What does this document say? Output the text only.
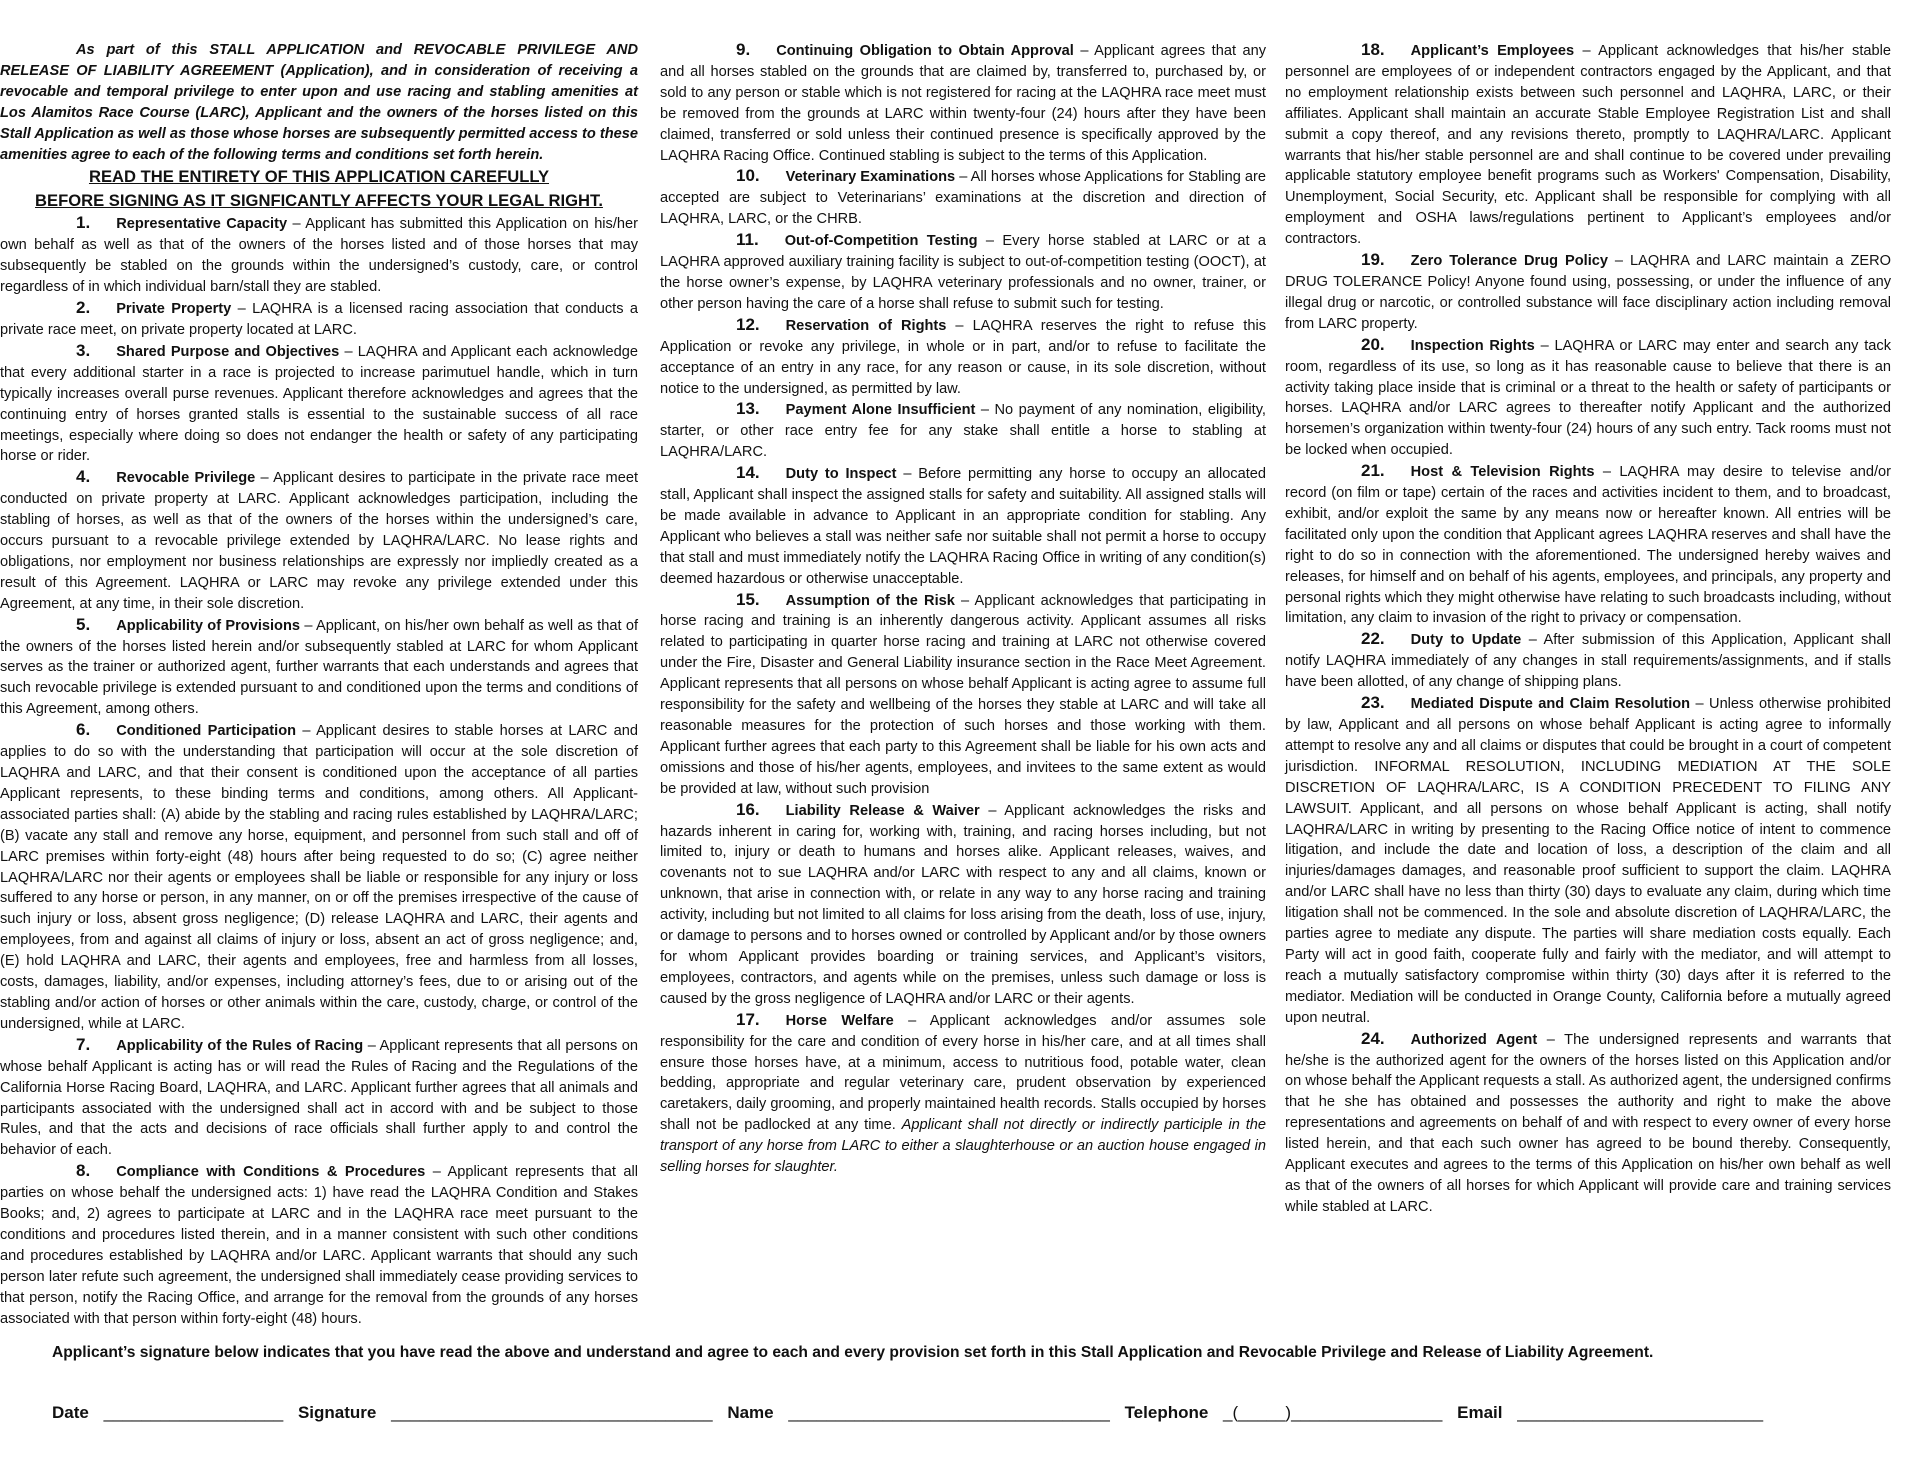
As part of this STALL APPLICATION and REVOCABLE PRIVILEGE AND RELEASE OF LIABILITY AGREEMENT (Application), and in consideration of receiving a revocable and temporal privilege to enter upon and use racing and stabling amenities at Los Alamitos Race Course (LARC), Applicant and the owners of the horses listed on this Stall Application as well as those whose horses are subsequently permitted access to these amenities agree to each of the following terms and conditions set forth herein.

READ THE ENTIRETY OF THIS APPLICATION CAREFULLY

BEFORE SIGNING AS IT SIGNFICANTLY AFFECTS YOUR LEGAL RIGHT.

1. Representative Capacity – Applicant has submitted this Application on his/her own behalf as well as that of the owners of the horses listed and of those horses that may subsequently be stabled on the grounds within the undersigned’s custody, care, or control regardless of in which individual barn/stall they are stabled.

2. Private Property – LAQHRA is a licensed racing association that conducts a private race meet, on private property located at LARC.

3. Shared Purpose and Objectives – LAQHRA and Applicant each acknowledge that every additional starter in a race is projected to increase parimutuel handle, which in turn typically increases overall purse revenues. Applicant therefore acknowledges and agrees that the continuing entry of horses granted stalls is essential to the sustainable success of all race meetings, especially where doing so does not endanger the health or safety of any participating horse or rider.

4. Revocable Privilege – Applicant desires to participate in the private race meet conducted on private property at LARC. Applicant acknowledges participation, including the stabling of horses, as well as that of the owners of the horses within the undersigned’s care, occurs pursuant to a revocable privilege extended by LAQHRA/LARC. No lease rights and obligations, nor employment nor business relationships are expressly nor impliedly created as a result of this Agreement. LAQHRA or LARC may revoke any privilege extended under this Agreement, at any time, in their sole discretion.

5. Applicability of Provisions – Applicant, on his/her own behalf as well as that of the owners of the horses listed herein and/or subsequently stabled at LARC for whom Applicant serves as the trainer or authorized agent, further warrants that each understands and agrees that such revocable privilege is extended pursuant to and conditioned upon the terms and conditions of this Agreement, among others.

6. Conditioned Participation – Applicant desires to stable horses at LARC and applies to do so with the understanding that participation will occur at the sole discretion of LAQHRA and LARC, and that their consent is conditioned upon the acceptance of all parties Applicant represents, to these binding terms and conditions, among others. All Applicant-associated parties shall: (A) abide by the stabling and racing rules established by LAQHRA/LARC; (B) vacate any stall and remove any horse, equipment, and personnel from such stall and off of LARC premises within forty-eight (48) hours after being requested to do so; (C) agree neither LAQHRA/LARC nor their agents or employees shall be liable or responsible for any injury or loss suffered to any horse or person, in any manner, on or off the premises irrespective of the cause of such injury or loss, absent gross negligence; (D) release LAQHRA and LARC, their agents and employees, from and against all claims of injury or loss, absent an act of gross negligence; and, (E) hold LAQHRA and LARC, their agents and employees, free and harmless from all losses, costs, damages, liability, and/or expenses, including attorney’s fees, due to or arising out of the stabling and/or action of horses or other animals within the care, custody, charge, or control of the undersigned, while at LARC.

7. Applicability of the Rules of Racing – Applicant represents that all persons on whose behalf Applicant is acting has or will read the Rules of Racing and the Regulations of the California Horse Racing Board, LAQHRA, and LARC. Applicant further agrees that all animals and participants associated with the undersigned shall act in accord with and be subject to those Rules, and that the acts and decisions of race officials shall further apply to and control the behavior of each.

8. Compliance with Conditions & Procedures – Applicant represents that all parties on whose behalf the undersigned acts: 1) have read the LAQHRA Condition and Stakes Books; and, 2) agrees to participate at LARC and in the LAQHRA race meet pursuant to the conditions and procedures listed therein, and in a manner consistent with such other conditions and procedures established by LAQHRA and/or LARC. Applicant warrants that should any such person later refute such agreement, the undersigned shall immediately cease providing services to that person, notify the Racing Office, and arrange for the removal from the grounds of any horses associated with that person within forty-eight (48) hours.

9. Continuing Obligation to Obtain Approval – Applicant agrees that any and all horses stabled on the grounds that are claimed by, transferred to, purchased by, or sold to any person or stable which is not registered for racing at the LAQHRA race meet must be removed from the grounds at LARC within twenty-four (24) hours after they have been claimed, transferred or sold unless their continued presence is specifically approved by the LAQHRA Racing Office. Continued stabling is subject to the terms of this Application.

10. Veterinary Examinations – All horses whose Applications for Stabling are accepted are subject to Veterinarians’ examinations at the discretion and direction of LAQHRA, LARC, or the CHRB.

11. Out-of-Competition Testing – Every horse stabled at LARC or at a LAQHRA approved auxiliary training facility is subject to out-of-competition testing (OOCT), at the horse owner’s expense, by LAQHRA veterinary professionals and no owner, trainer, or other person having the care of a horse shall refuse to submit such for testing.

12. Reservation of Rights – LAQHRA reserves the right to refuse this Application or revoke any privilege, in whole or in part, and/or to refuse to facilitate the acceptance of an entry in any race, for any reason or cause, in its sole discretion, without notice to the undersigned, as permitted by law.

13. Payment Alone Insufficient – No payment of any nomination, eligibility, starter, or other race entry fee for any stake shall entitle a horse to stabling at LAQHRA/LARC.

14. Duty to Inspect – Before permitting any horse to occupy an allocated stall, Applicant shall inspect the assigned stalls for safety and suitability. All assigned stalls will be made available in advance to Applicant in an appropriate condition for stabling. Any Applicant who believes a stall was neither safe nor suitable shall not permit a horse to occupy that stall and must immediately notify the LAQHRA Racing Office in writing of any condition(s) deemed hazardous or otherwise unacceptable.

15. Assumption of the Risk – Applicant acknowledges that participating in horse racing and training is an inherently dangerous activity. Applicant assumes all risks related to participating in quarter horse racing and training at LARC not otherwise covered under the Fire, Disaster and General Liability insurance section in the Race Meet Agreement. Applicant represents that all persons on whose behalf Applicant is acting agree to assume full responsibility for the safety and wellbeing of the horses they stable at LARC and will take all reasonable measures for the protection of such horses and those working with them. Applicant further agrees that each party to this Agreement shall be liable for his own acts and omissions and those of his/her agents, employees, and invitees to the same extent as would be provided at law, without such provision

16. Liability Release & Waiver – Applicant acknowledges the risks and hazards inherent in caring for, working with, training, and racing horses including, but not limited to, injury or death to humans and horses alike. Applicant releases, waives, and covenants not to sue LAQHRA and/or LARC with respect to any and all claims, known or unknown, that arise in connection with, or relate in any way to any horse racing and training activity, including but not limited to all claims for loss arising from the death, loss of use, injury, or damage to persons and to horses owned or controlled by Applicant and/or by those owners for whom Applicant provides boarding or training services, and Applicant’s visitors, employees, contractors, and agents while on the premises, unless such damage or loss is caused by the gross negligence of LAQHRA and/or LARC or their agents.

17. Horse Welfare – Applicant acknowledges and/or assumes sole responsibility for the care and condition of every horse in his/her care, and at all times shall ensure those horses have, at a minimum, access to nutritious food, potable water, clean bedding, appropriate and regular veterinary care, prudent observation by experienced caretakers, daily grooming, and properly maintained health records. Stalls occupied by horses shall not be padlocked at any time. Applicant shall not directly or indirectly participle in the transport of any horse from LARC to either a slaughterhouse or an auction house engaged in selling horses for slaughter.

18. Applicant’s Employees – Applicant acknowledges that his/her stable personnel are employees of or independent contractors engaged by the Applicant, and that no employment relationship exists between such personnel and LAQHRA, LARC, or their affiliates. Applicant shall maintain an accurate Stable Employee Registration List and shall submit a copy thereof, and any revisions thereto, promptly to LAQHRA/LARC. Applicant warrants that his/her stable personnel are and shall continue to be covered under prevailing applicable statutory employee benefit programs such as Workers' Compensation, Disability, Unemployment, Social Security, etc. Applicant shall be responsible for complying with all employment and OSHA laws/regulations pertinent to Applicant’s employees and/or contractors.

19. Zero Tolerance Drug Policy – LAQHRA and LARC maintain a ZERO DRUG TOLERANCE Policy! Anyone found using, possessing, or under the influence of any illegal drug or narcotic, or controlled substance will face disciplinary action including removal from LARC property.

20. Inspection Rights – LAQHRA or LARC may enter and search any tack room, regardless of its use, so long as it has reasonable cause to believe that there is an activity taking place inside that is criminal or a threat to the health or safety of participants or horses. LAQHRA and/or LARC agrees to thereafter notify Applicant and the authorized horsemen’s organization within twenty-four (24) hours of any such entry. Tack rooms must not be locked when occupied.

21. Host & Television Rights – LAQHRA may desire to televise and/or record (on film or tape) certain of the races and activities incident to them, and to broadcast, exhibit, and/or exploit the same by any means now or hereafter known. All entries will be facilitated only upon the condition that Applicant agrees LAQHRA reserves and shall have the right to do so in connection with the aforementioned. The undersigned hereby waives and releases, for himself and on behalf of his agents, employees, and principals, any property and personal rights which they might otherwise have relating to such broadcasts including, without limitation, any claim to invasion of the right to privacy or compensation.

22. Duty to Update – After submission of this Application, Applicant shall notify LAQHRA immediately of any changes in stall requirements/assignments, and if stalls have been allotted, of any change of shipping plans.

23. Mediated Dispute and Claim Resolution – Unless otherwise prohibited by law, Applicant and all persons on whose behalf Applicant is acting agree to informally attempt to resolve any and all claims or disputes that could be brought in a court of competent jurisdiction. INFORMAL RESOLUTION, INCLUDING MEDIATION AT THE SOLE DISCRETION OF LAQHRA/LARC, IS A CONDITION PRECEDENT TO FILING ANY LAWSUIT. Applicant, and all persons on whose behalf Applicant is acting, shall notify LAQHRA/LARC in writing by presenting to the Racing Office notice of intent to commence litigation, and include the date and location of loss, a description of the claim and all injuries/damages damages, and reasonable proof sufficient to support the claim. LAQHRA and/or LARC shall have no less than thirty (30) days to evaluate any claim, during which time litigation shall not be commenced. In the sole and absolute discretion of LAQHRA/LARC, the parties agree to mediate any dispute. The parties will share mediation costs equally. Each Party will act in good faith, cooperate fully and fairly with the mediator, and will attempt to reach a mutually satisfactory compromise within thirty (30) days after it is referred to the mediator. Mediation will be conducted in Orange County, California before a mutually agreed upon neutral.

24. Authorized Agent – The undersigned represents and warrants that he/she is the authorized agent for the owners of the horses listed on this Application and/or on whose behalf the Applicant requests a stall. As authorized agent, the undersigned confirms that he she has obtained and possesses the authority and right to make the above representations and agreements on behalf of and with respect to every owner of every horse listed herein, and that each such owner has agreed to be bound thereby. Consequently, Applicant executes and agrees to the terms of this Application on his/her own behalf as well as that of the owners of all horses for which Applicant will provide care and training services while stabled at LARC.

Applicant’s signature below indicates that you have read the above and understand and agree to each and every provision set forth in this Stall Application and Revocable Privilege and Release of Liability Agreement.
Date ___________________ Signature __________________________________ Name __________________________________ Telephone _(_____)________________ Email __________________________
